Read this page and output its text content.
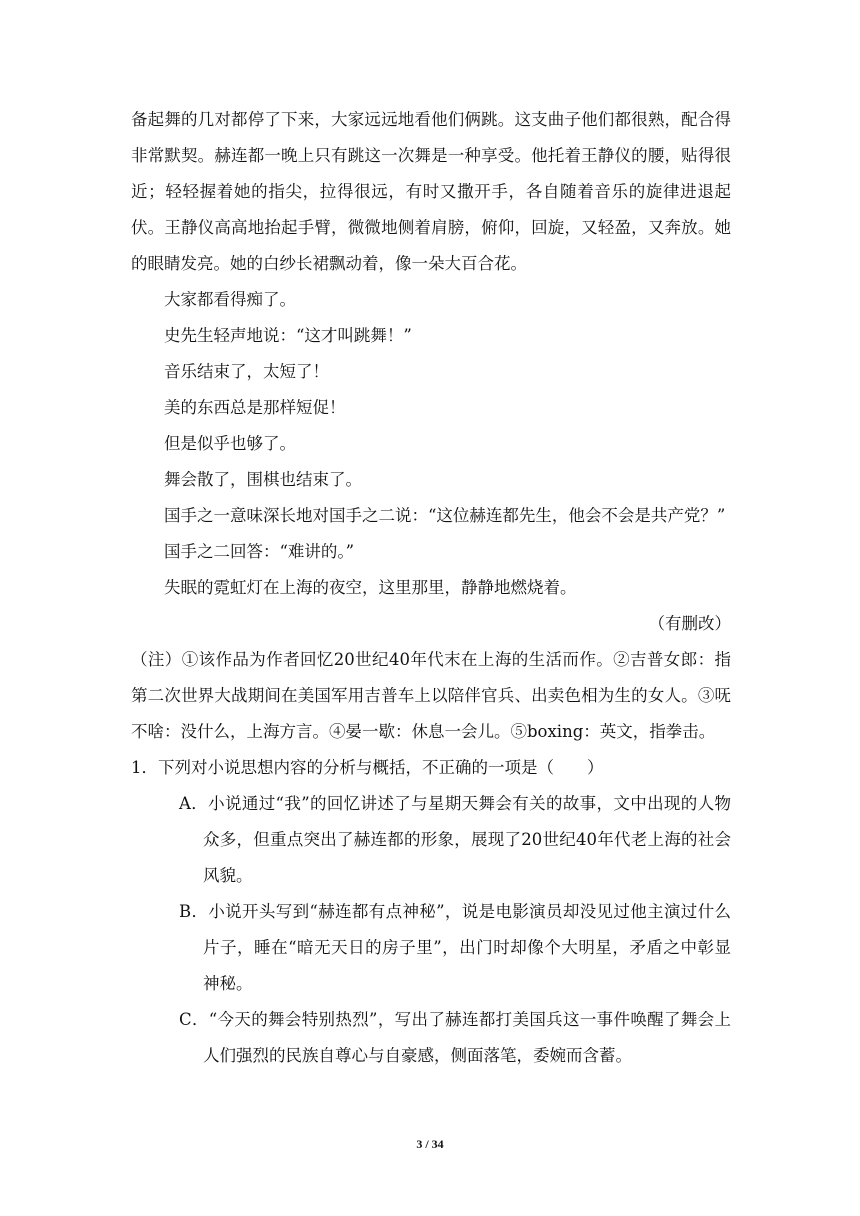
备起舞的几对都停了下来，大家远远地看他们俩跳。这支曲子他们都很熟，配合得非常默契。赫连都一晚上只有跳这一次舞是一种享受。他托着王静仪的腰，贴得很近；轻轻握着她的指尖，拉得很远，有时又撒开手，各自随着音乐的旋律进退起伏。王静仪高高地抬起手臂，微微地侧着肩膀，俯仰，回旋，又轻盈，又奔放。她的眼睛发亮。她的白纱长裙飘动着，像一朵大百合花。

大家都看得痴了。

史先生轻声地说：“这才叫跳舞！”

音乐结束了，太短了！

美的东西总是那样短促！

但是似乎也够了。

舞会散了，围棋也结束了。

国手之一意味深长地对国手之二说：“这位赫连都先生，他会不会是共产党？”

国手之二回答：“难讲的。”

失眠的霓虹灯在上海的夜空，这里那里，静静地燃烧着。

（有删改）

（注）①该作品为作者回忆20世纪40年代末在上海的生活而作。②吉普女郎：指第二次世界大战期间在美国军用吉普车上以陪伴官兵、出卖色相为生的女人。③呒不啥：没什么，上海方言。④晏一歇：休息一会儿。⑤boxing：英文，指拳击。

1．下列对小说思想内容的分析与概括，不正确的一项是（　　）

A．小说通过“我”的回忆讲述了与星期天舞会有关的故事，文中出现的人物众多，但重点突出了赫连都的形象，展现了20世纪40年代老上海的社会风貌。

B．小说开头写到“赫连都有点神秘”，说是电影演员却没见过他主演过什么片子，睡在“暗无天日的房子里”，出门时却像个大明星，矛盾之中彰显神秘。

C．“今天的舞会特别热烈”，写出了赫连都打美国兵这一事件唤醒了舞会上人们强烈的民族自尊心与自豪感，侧面落笔，委婉而含蓄。

3 / 34
